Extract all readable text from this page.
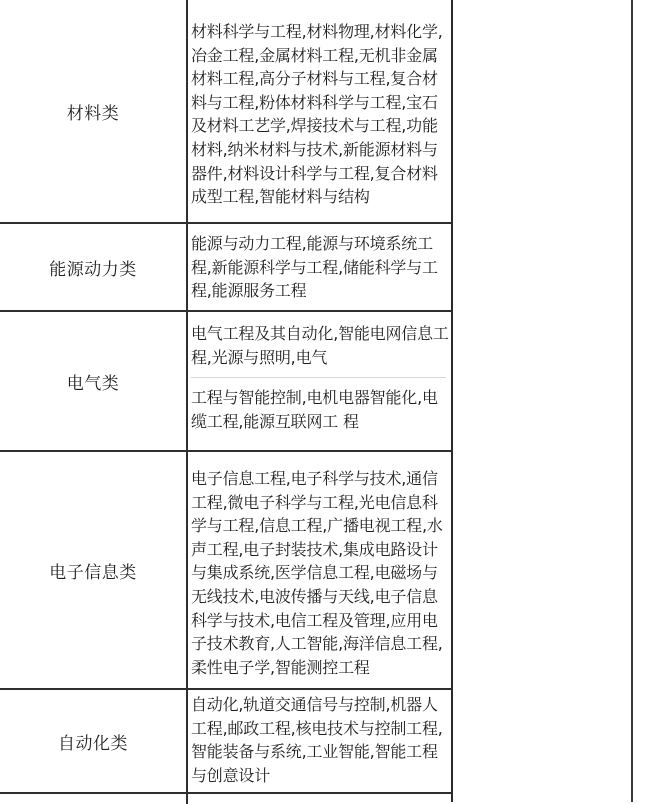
材料类
材料科学与工程,材料物理,材料化学,冶金工程,金属材料工程,无机非金属材料工程,高分子材料与工程,复合材料与工程,粉体材料科学与工程,宝石及材料工艺学,焊接技术与工程,功能材料,纳米材料与技术,新能源材料与器件,材料设计科学与工程,复合材料成型工程,智能材料与结构
能源动力类
能源与动力工程,能源与环境系统工程,新能源科学与工程,储能科学与工程,能源服务工程
电气类
电气工程及其自动化,智能电网信息工程,光源与照明,电气
工程与智能控制,电机电器智能化,电缆工程,能源互联网工 程
电子信息类
电子信息工程,电子科学与技术,通信工程,微电子科学与工程,光电信息科学与工程,信息工程,广播电视工程,水声工程,电子封装技术,集成电路设计与集成系统,医学信息工程,电磁场与无线技术,电波传播与天线,电子信息科学与技术,电信工程及管理,应用电子技术教育,人工智能,海洋信息工程,柔性电子学,智能测控工程
自动化类
自动化,轨道交通信号与控制,机器人工程,邮政工程,核电技术与控制工程,智能装备与系统,工业智能,智能工程与创意设计
